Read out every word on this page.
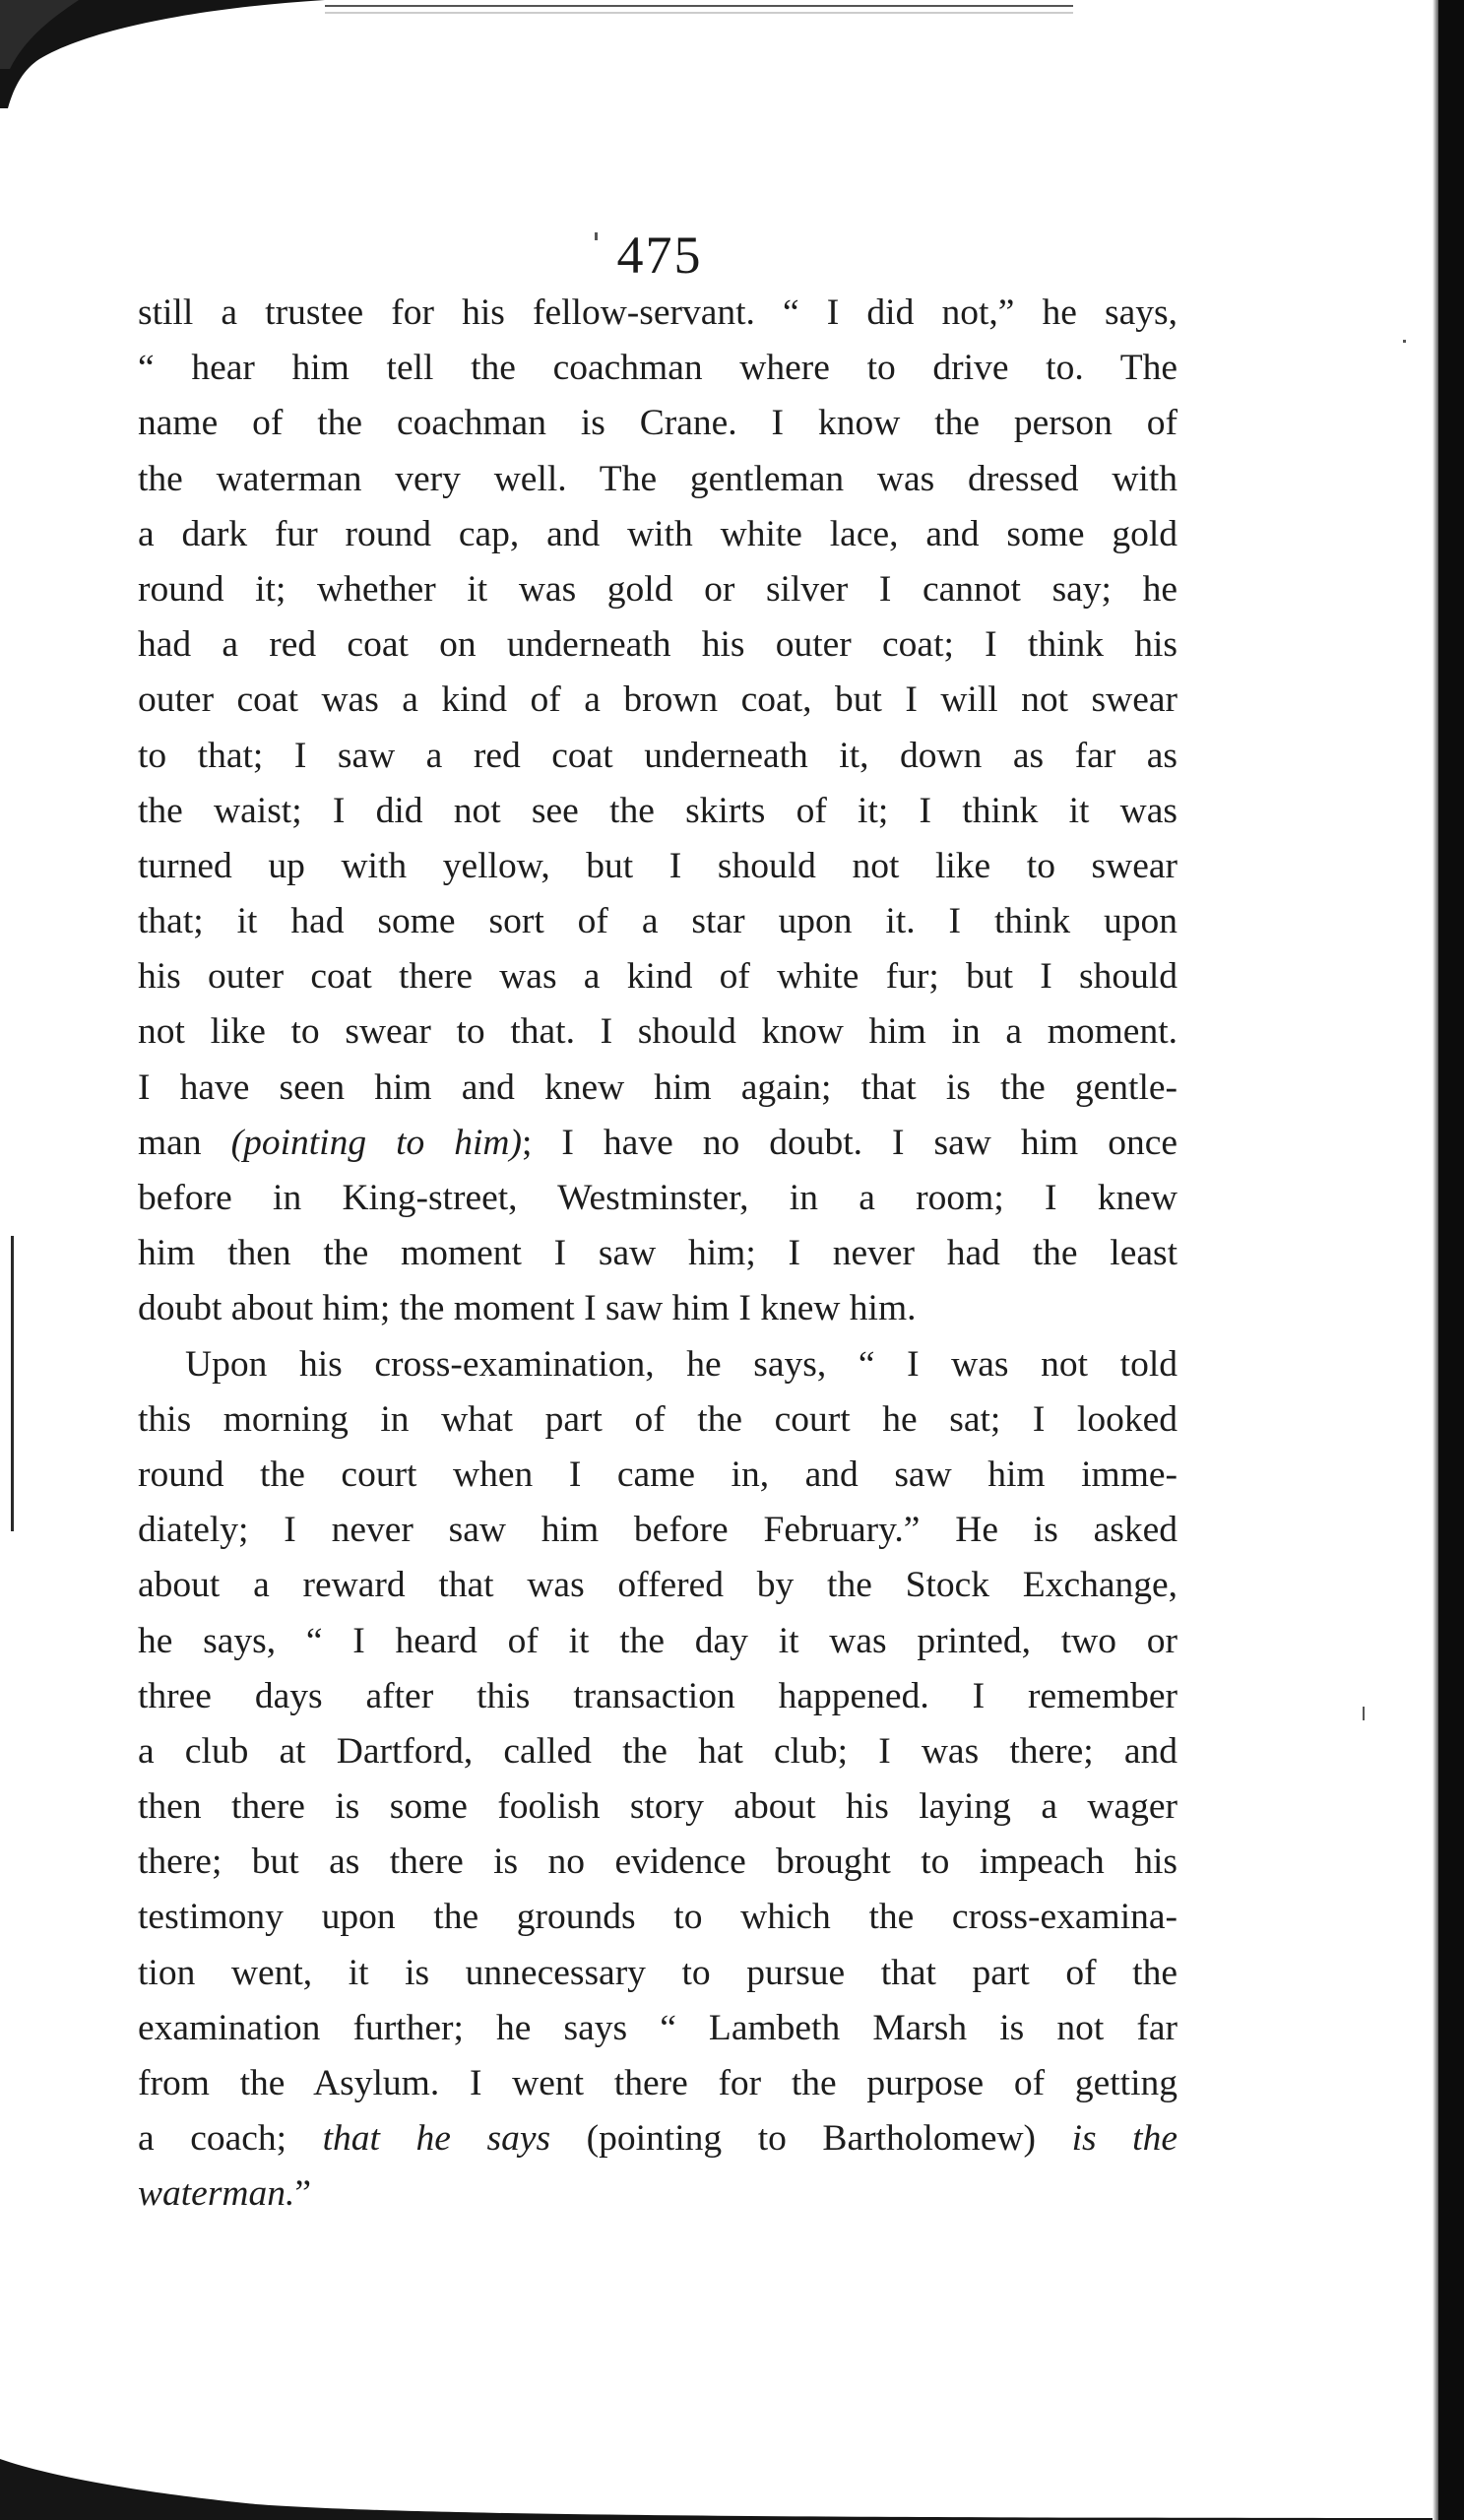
475
still a trustee for his fellow-servant. “ I did not,” he says,
“ hear him tell the coachman where to drive to. The
name of the coachman is Crane. I know the person of
the waterman very well. The gentleman was dressed with
a dark fur round cap, and with white lace, and some gold
round it; whether it was gold or silver I cannot say; he
had a red coat on underneath his outer coat; I think his
outer coat was a kind of a brown coat, but I will not swear
to that; I saw a red coat underneath it, down as far as
the waist; I did not see the skirts of it; I think it was
turned up with yellow, but I should not like to swear
that; it had some sort of a star upon it. I think upon
his outer coat there was a kind of white fur; but I should
not like to swear to that. I should know him in a moment.
I have seen him and knew him again; that is the gentle-
man (pointing to him); I have no doubt. I saw him once
before in King-street, Westminster, in a room; I knew
him then the moment I saw him; I never had the least
doubt about him; the moment I saw him I knew him.
Upon his cross-examination, he says, “ I was not told
this morning in what part of the court he sat; I looked
round the court when I came in, and saw him imme-
diately; I never saw him before February.” He is asked
about a reward that was offered by the Stock Exchange,
he says, “ I heard of it the day it was printed, two or
three days after this transaction happened. I remember
a club at Dartford, called the hat club; I was there; and
then there is some foolish story about his laying a wager
there; but as there is no evidence brought to impeach his
testimony upon the grounds to which the cross-examina-
tion went, it is unnecessary to pursue that part of the
examination further; he says “ Lambeth Marsh is not far
from the Asylum. I went there for the purpose of getting
a coach; that he says (pointing to Bartholomew) is the
waterman.”
